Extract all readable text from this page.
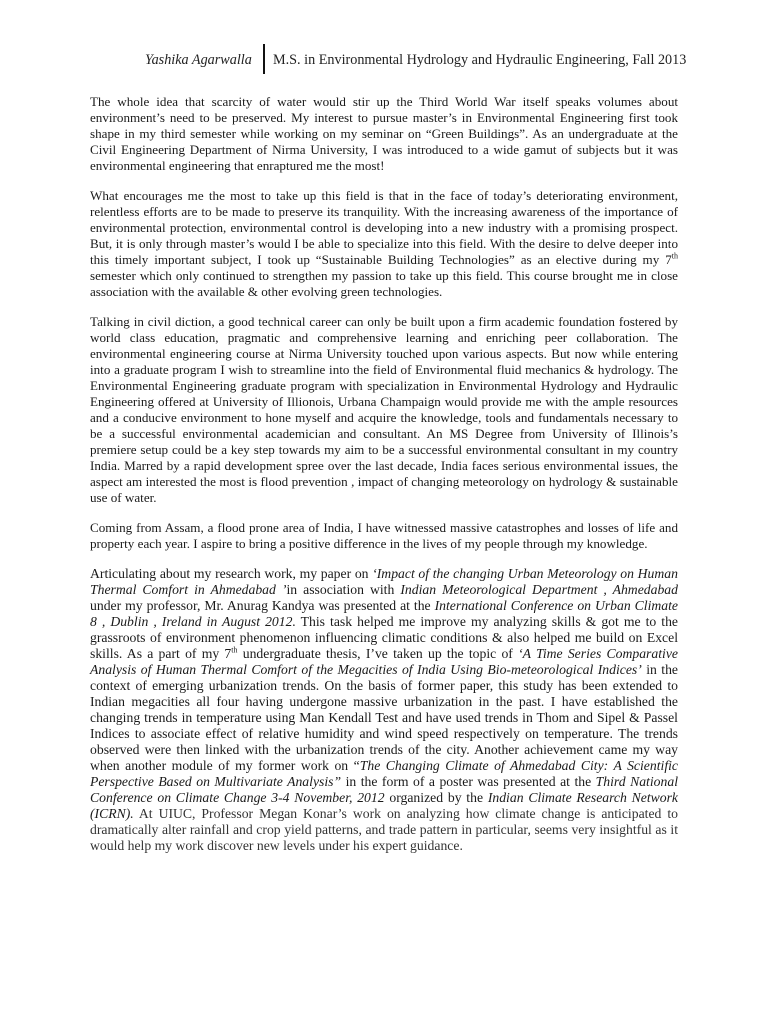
Yashika Agarwalla M.S. in Environmental Hydrology and Hydraulic Engineering, Fall 2013

The whole idea that scarcity of water would stir up the Third World War itself speaks volumes about environment’s need to be preserved. My interest to pursue master’s in Environmental Engineering first took shape in my third semester while working on my seminar on “Green Buildings”. As an undergraduate at the Civil Engineering Department of Nirma University, I was introduced to a wide gamut of subjects but it was environmental engineering that enraptured me the most!

What encourages me the most to take up this field is that in the face of today’s deteriorating environment, relentless efforts are to be made to preserve its tranquility. With the increasing awareness of the importance of environmental protection, environmental control is developing into a new industry with a promising prospect. But, it is only through master’s would I be able to specialize into this field. With the desire to delve deeper into this timely important subject, I took up “Sustainable Building Technologies” as an elective during my 7th semester which only continued to strengthen my passion to take up this field. This course brought me in close association with the available & other evolving green technologies.

Talking in civil diction, a good technical career can only be built upon a firm academic foundation fostered by world class education, pragmatic and comprehensive learning and enriching peer collaboration. The environmental engineering course at Nirma University touched upon various aspects. But now while entering into a graduate program I wish to streamline into the field of Environmental fluid mechanics & hydrology. The Environmental Engineering graduate program with specialization in Environmental Hydrology and Hydraulic Engineering offered at University of Illionois, Urbana Champaign would provide me with the ample resources and a conducive environment to hone myself and acquire the knowledge, tools and fundamentals necessary to be a successful environmental academician and consultant. An MS Degree from University of Illinois’s premiere setup could be a key step towards my aim to be a successful environmental consultant in my country India. Marred by a rapid development spree over the last decade, India faces serious environmental issues, the aspect am interested the most is flood prevention , impact of changing meteorology on hydrology & sustainable use of water.

Coming from Assam, a flood prone area of India, I have witnessed massive catastrophes and losses of life and property each year. I aspire to bring a positive difference in the lives of my people through my knowledge.

Articulating about my research work, my paper on ‘Impact of the changing Urban Meteorology on Human Thermal Comfort in Ahmedabad ’in association with Indian Meteorological Department , Ahmedabad under my professor, Mr. Anurag Kandya was presented at the International Conference on Urban Climate 8 , Dublin , Ireland in August 2012. This task helped me improve my analyzing skills & got me to the grassroots of environment phenomenon influencing climatic conditions & also helped me build on Excel skills. As a part of my 7th undergraduate thesis, I’ve taken up the topic of ‘A Time Series Comparative Analysis of Human Thermal Comfort of the Megacities of India Using Bio-meteorological Indices’ in the context of emerging urbanization trends. On the basis of former paper, this study has been extended to Indian megacities all four having undergone massive urbanization in the past. I have established the changing trends in temperature using Man Kendall Test and have used trends in Thom and Sipel & Passel Indices to associate effect of relative humidity and wind speed respectively on temperature. The trends observed were then linked with the urbanization trends of the city. Another achievement came my way when another module of my former work on “The Changing Climate of Ahmedabad City: A Scientific Perspective Based on Multivariate Analysis” in the form of a poster was presented at the Third National Conference on Climate Change 3-4 November, 2012 organized by the Indian Climate Research Network (ICRN). At UIUC, Professor Megan Konar’s work on analyzing how climate change is anticipated to dramatically alter rainfall and crop yield patterns, and trade pattern in particular, seems very insightful as it would help my work discover new levels under his expert guidance.
